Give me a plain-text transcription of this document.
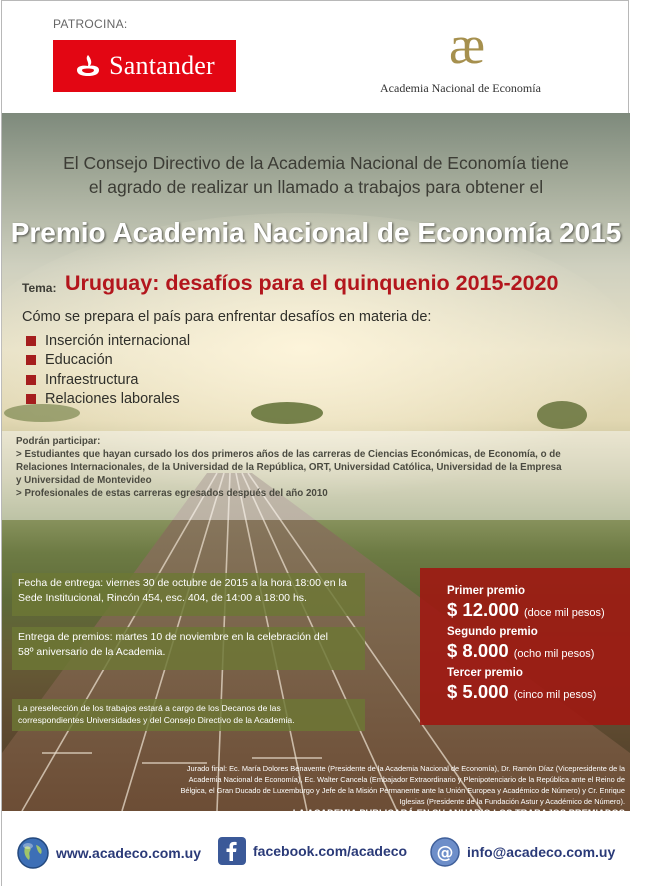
PATROCINA:
Santander	æ
Academia Nacional de Economía
El Consejo Directivo de la Academia Nacional de Economía tiene
el agrado de realizar un llamado a trabajos para obtener el
Premio Academia Nacional de Economía 2015
Tema: Uruguay: desafíos para el quinquenio 2015-2020
Cómo se prepara el país para enfrentar desafíos en materia de:
Inserción internacional
Educación
Infraestructura
Relaciones laborales

Podrán participar:

> Estudiantes que hayan cursado los dos primeros años de las carreras de Ciencias Económicas, de Economía, o de

Relaciones Internacionales, de la Universidad de la República, ORT, Universidad Católica, Universidad de la Empresa

y Universidad de Montevideo

> Profesionales de estas carreras egresados después del año 2010

Fecha de entrega: viernes 30 de octubre de 2015 a la hora 18:00 en la
Sede Institucional, Rincón 454, esc. 404, de 14:00 a 18:00 hs.
Entrega de premios: martes 10 de noviembre en la celebración del
58º aniversario de la Academia.
La preselección de los trabajos estará a cargo de los Decanos de las
correspondientes Universidades y del Consejo Directivo de la Academia.
Primer premio
$ 12.000 (doce mil pesos)
Segundo premio
$ 8.000 (ocho mil pesos)
Tercer premio
$ 5.000 (cinco mil pesos)
Jurado final: Ec. María Dolores Benavente (Presidente de la Academia Nacional de Economía), Dr. Ramón Díaz (Vicepresidente de la
Academia Nacional de Economía), Ec. Walter Cancela (Embajador Extraordinario y Plenipotenciario de la República ante el Reino de
Bélgica, el Gran Ducado de Luxemburgo y Jefe de la Misión Permanente ante la Unión Europea y Académico de Número) y Cr. Enrique
Iglesias (Presidente de la Fundación Astur y Académico de Número).
www.acadeco.com.uy	facebook.com/acadeco @ info@acadeco.com.uy
